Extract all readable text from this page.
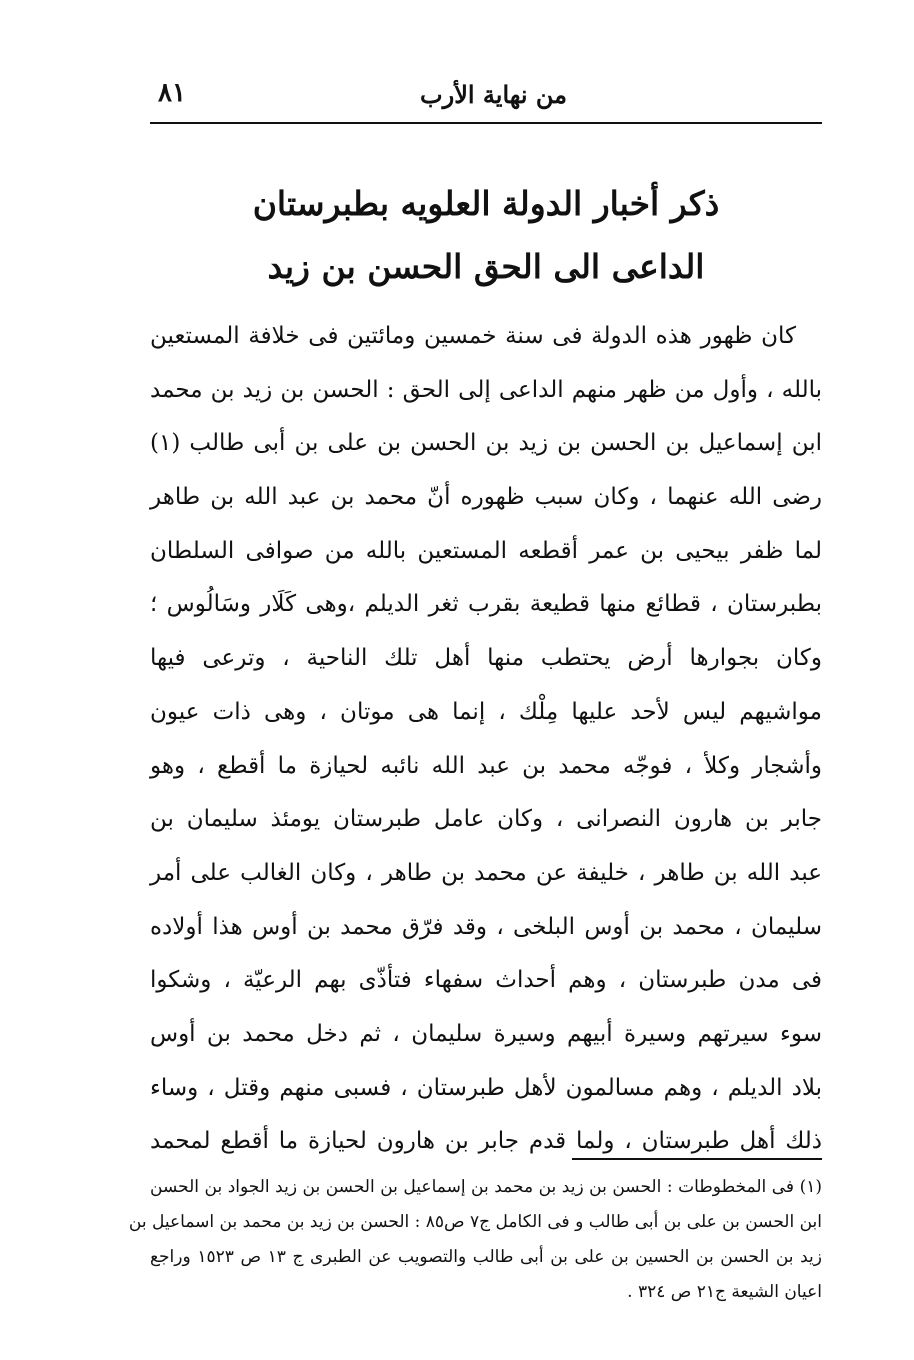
من نهاية الأرب
٨١
ذكر أخبار الدولة العلويه بطبرستان
الداعى الى الحق الحسن بن زيد
كان ظهور هذه الدولة فى سنة خمسين ومائتين فى خلافة المستعين
بالله ، وأول من ظهر منهم الداعى إلى الحق : الحسن بن زيد بن محمد
ابن إسماعيل بن الحسن بن زيد بن الحسن بن على بن أبى طالب (١)
رضى الله عنهما ، وكان سبب ظهوره أنّ محمد بن عبد الله بن طاهر
لما ظفر بيحيى بن عمر أقطعه المستعين بالله من صوافى السلطان
بطبرستان ، قطائع منها قطيعة بقرب ثغر الديلم ،وهى كَلَار وسَالُوس ؛
وكان بجوارها أرض يحتطب منها أهل تلك الناحية ، وترعى فيها
مواشيهم ليس لأحد عليها مِلْك ، إنما هى موتان ، وهى ذات عيون
وأشجار وكلأ ، فوجّه محمد بن عبد الله نائبه لحيازة ما أقطع ، وهو
جابر بن هارون النصرانى ، وكان عامل طبرستان يومئذ سليمان بن
عبد الله بن طاهر ، خليفة عن محمد بن طاهر ، وكان الغالب على أمر
سليمان ، محمد بن أوس البلخى ، وقد فرّق محمد بن أوس هذا أولاده
فى مدن طبرستان ، وهم أحداث سفهاء فتأذّى بهم الرعيّة ، وشكوا
سوء سيرتهم وسيرة أبيهم وسيرة سليمان ، ثم دخل محمد بن أوس
بلاد الديلم ، وهم مسالمون لأهل طبرستان ، فسبى منهم وقتل ، وساء
ذلك أهل طبرستان ، ولما قدم جابر بن هارون لحيازة ما أقطع لمحمد
(١) فى المخطوطات : الحسن بن زيد بن محمد بن إسماعيل بن الحسن بن زيد الجواد بن الحسن
ابن الحسن بن على بن أبى طالب و فى الكامل ج٧ ص٨٥ : الحسن بن زيد بن محمد بن اسماعيل بن
زيد بن الحسن بن الحسين بن على بن أبى طالب والتصويب عن الطبرى ج ١٣ ص ١٥٢٣ وراجع
اعيان الشيعة ج٢١ ص ٣٢٤ .
